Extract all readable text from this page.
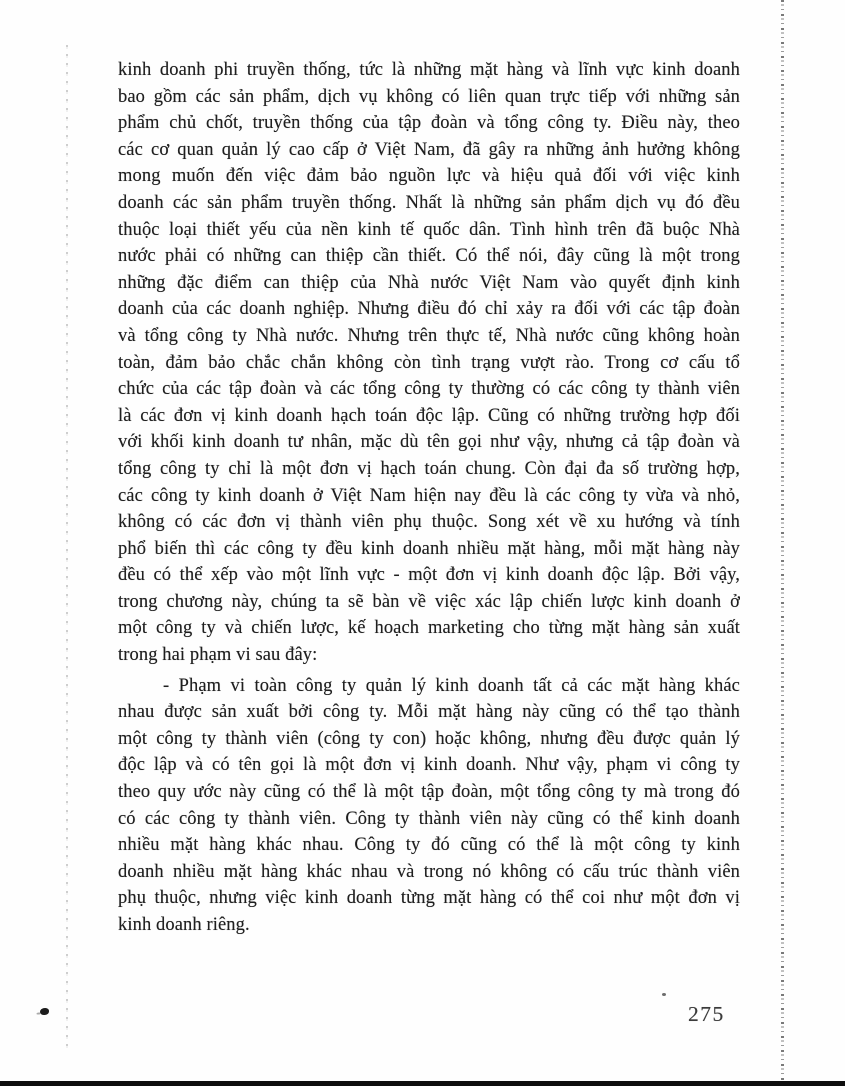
kinh doanh phi truyền thống, tức là những mặt hàng và lĩnh vực kinh doanh
bao gồm các sản phẩm, dịch vụ không có liên quan trực tiếp với những sản
phẩm chủ chốt, truyền thống của tập đoàn và tổng công ty. Điều này, theo
các cơ quan quản lý cao cấp ở Việt Nam, đã gây ra những ảnh hưởng không
mong muốn đến việc đảm bảo nguồn lực và hiệu quả đối với việc kinh
doanh các sản phẩm truyền thống. Nhất là những sản phẩm dịch vụ đó đều
thuộc loại thiết yếu của nền kinh tế quốc dân. Tình hình trên đã buộc Nhà
nước phải có những can thiệp cần thiết. Có thể nói, đây cũng là một trong
những đặc điểm can thiệp của Nhà nước Việt Nam vào quyết định kinh
doanh của các doanh nghiệp. Nhưng điều đó chỉ xảy ra đối với các tập đoàn
và tổng công ty Nhà nước. Nhưng trên thực tế, Nhà nước cũng không hoàn
toàn, đảm bảo chắc chắn không còn tình trạng vượt rào. Trong cơ cấu tổ
chức của các tập đoàn và các tổng công ty thường có các công ty thành viên
là các đơn vị kinh doanh hạch toán độc lập. Cũng có những trường hợp đối
với khối kinh doanh tư nhân, mặc dù tên gọi như vậy, nhưng cả tập đoàn và
tổng công ty chỉ là một đơn vị hạch toán chung. Còn đại đa số trường hợp,
các công ty kinh doanh ở Việt Nam hiện nay đều là các công ty vừa và nhỏ,
không có các đơn vị thành viên phụ thuộc. Song xét về xu hướng và tính
phổ biến thì các công ty đều kinh doanh nhiều mặt hàng, mỗi mặt hàng này
đều có thể xếp vào một lĩnh vực - một đơn vị kinh doanh độc lập. Bởi vậy,
trong chương này, chúng ta sẽ bàn về việc xác lập chiến lược kinh doanh ở
một công ty và chiến lược, kế hoạch marketing cho từng mặt hàng sản xuất
trong hai phạm vi sau đây:
- Phạm vi toàn công ty quản lý kinh doanh tất cả các mặt hàng khác
nhau được sản xuất bởi công ty. Mỗi mặt hàng này cũng có thể tạo thành
một công ty thành viên (công ty con) hoặc không, nhưng đều được quản lý
độc lập và có tên gọi là một đơn vị kinh doanh. Như vậy, phạm vi công ty
theo quy ước này cũng có thể là một tập đoàn, một tổng công ty mà trong đó
có các công ty thành viên. Công ty thành viên này cũng có thể kinh doanh
nhiều mặt hàng khác nhau. Công ty đó cũng có thể là một công ty kinh
doanh nhiều mặt hàng khác nhau và trong nó không có cấu trúc thành viên
phụ thuộc, nhưng việc kinh doanh từng mặt hàng có thể coi như một đơn vị
kinh doanh riêng.
275
